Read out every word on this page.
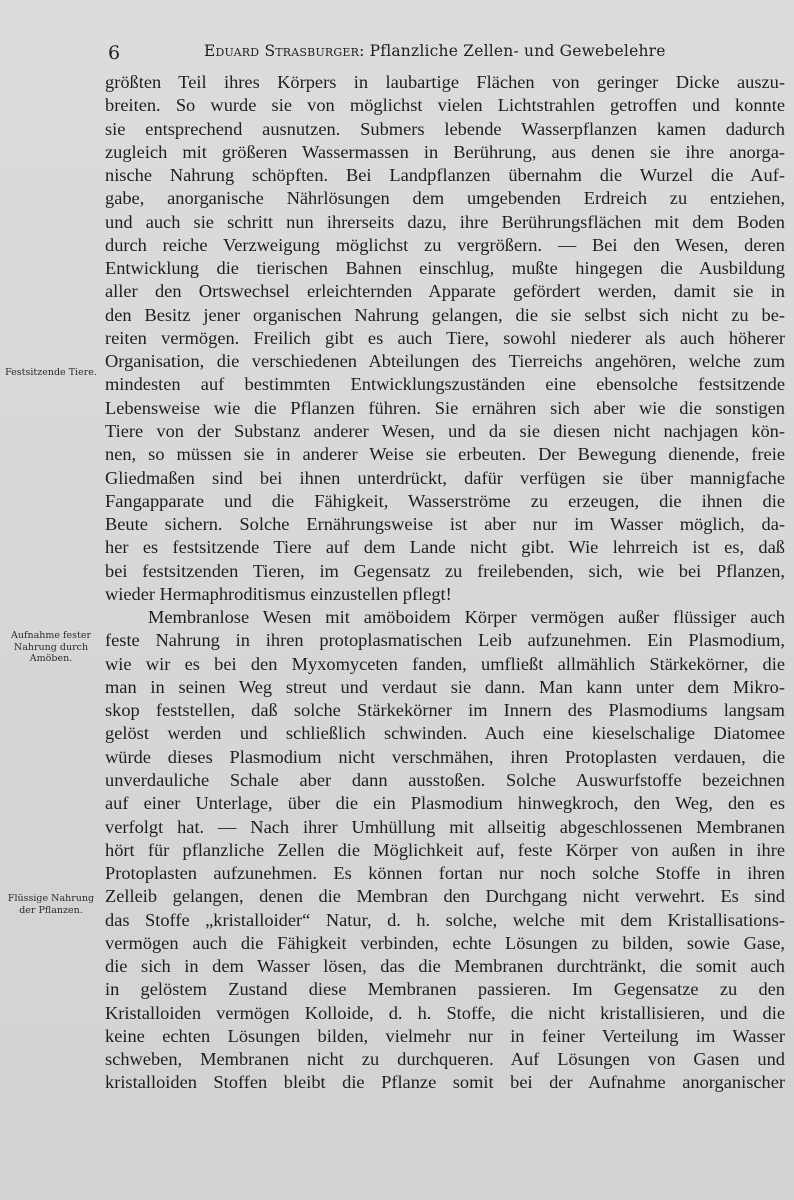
6	Eduard Strasburger: Pflanzliche Zellen- und Gewebelehre
Festsitzende Tiere.
Aufnahme fester Nahrung durch Amöben.
Flüssige Nahrung der Pflanzen.
größten Teil ihres Körpers in laubartige Flächen von geringer Dicke auszu-
breiten. So wurde sie von möglichst vielen Lichtstrahlen getroffen und konnte
sie entsprechend ausnutzen. Submers lebende Wasserpflanzen kamen dadurch
zugleich mit größeren Wassermassen in Berührung, aus denen sie ihre anorga-
nische Nahrung schöpften. Bei Landpflanzen übernahm die Wurzel die Auf-
gabe, anorganische Nährlösungen dem umgebenden Erdreich zu entziehen,
und auch sie schritt nun ihrerseits dazu, ihre Berührungsflächen mit dem Boden
durch reiche Verzweigung möglichst zu vergrößern. — Bei den Wesen, deren
Entwicklung die tierischen Bahnen einschlug, mußte hingegen die Ausbildung
aller den Ortswechsel erleichternden Apparate gefördert werden, damit sie in
den Besitz jener organischen Nahrung gelangen, die sie selbst sich nicht zu be-
reiten vermögen. Freilich gibt es auch Tiere, sowohl niederer als auch höherer
Organisation, die verschiedenen Abteilungen des Tierreichs angehören, welche zum
mindesten auf bestimmten Entwicklungszuständen eine ebensolche festsitzende
Lebensweise wie die Pflanzen führen. Sie ernähren sich aber wie die sonstigen
Tiere von der Substanz anderer Wesen, und da sie diesen nicht nachjagen kön-
nen, so müssen sie in anderer Weise sie erbeuten. Der Bewegung dienende, freie
Gliedmaßen sind bei ihnen unterdrückt, dafür verfügen sie über mannigfache
Fangapparate und die Fähigkeit, Wasserströme zu erzeugen, die ihnen die
Beute sichern. Solche Ernährungsweise ist aber nur im Wasser möglich, da-
her es festsitzende Tiere auf dem Lande nicht gibt. Wie lehrreich ist es, daß
bei festsitzenden Tieren, im Gegensatz zu freilebenden, sich, wie bei Pflanzen,
wieder Hermaphroditismus einzustellen pflegt!
Membranlose Wesen mit amöboidem Körper vermögen außer flüssiger auch
feste Nahrung in ihren protoplasmatischen Leib aufzunehmen. Ein Plasmodium,
wie wir es bei den Myxomyceten fanden, umfließt allmählich Stärkekörner, die
man in seinen Weg streut und verdaut sie dann. Man kann unter dem Mikro-
skop feststellen, daß solche Stärkekörner im Innern des Plasmodiums langsam
gelöst werden und schließlich schwinden. Auch eine kieselschalige Diatomee
würde dieses Plasmodium nicht verschmähen, ihren Protoplasten verdauen, die
unverdauliche Schale aber dann ausstoßen. Solche Auswurfstoffe bezeichnen
auf einer Unterlage, über die ein Plasmodium hinwegkroch, den Weg, den es
verfolgt hat. — Nach ihrer Umhüllung mit allseitig abgeschlossenen Membranen
hört für pflanzliche Zellen die Möglichkeit auf, feste Körper von außen in ihre
Protoplasten aufzunehmen. Es können fortan nur noch solche Stoffe in ihren
Zelleib gelangen, denen die Membran den Durchgang nicht verwehrt. Es sind
das Stoffe „kristalloider“ Natur, d. h. solche, welche mit dem Kristallisations-
vermögen auch die Fähigkeit verbinden, echte Lösungen zu bilden, sowie Gase,
die sich in dem Wasser lösen, das die Membranen durchtränkt, die somit auch
in gelöstem Zustand diese Membranen passieren. Im Gegensatze zu den
Kristalloiden vermögen Kolloide, d. h. Stoffe, die nicht kristallisieren, und die
keine echten Lösungen bilden, vielmehr nur in feiner Verteilung im Wasser
schweben, Membranen nicht zu durchqueren. Auf Lösungen von Gasen und
kristalloiden Stoffen bleibt die Pflanze somit bei der Aufnahme anorganischer
